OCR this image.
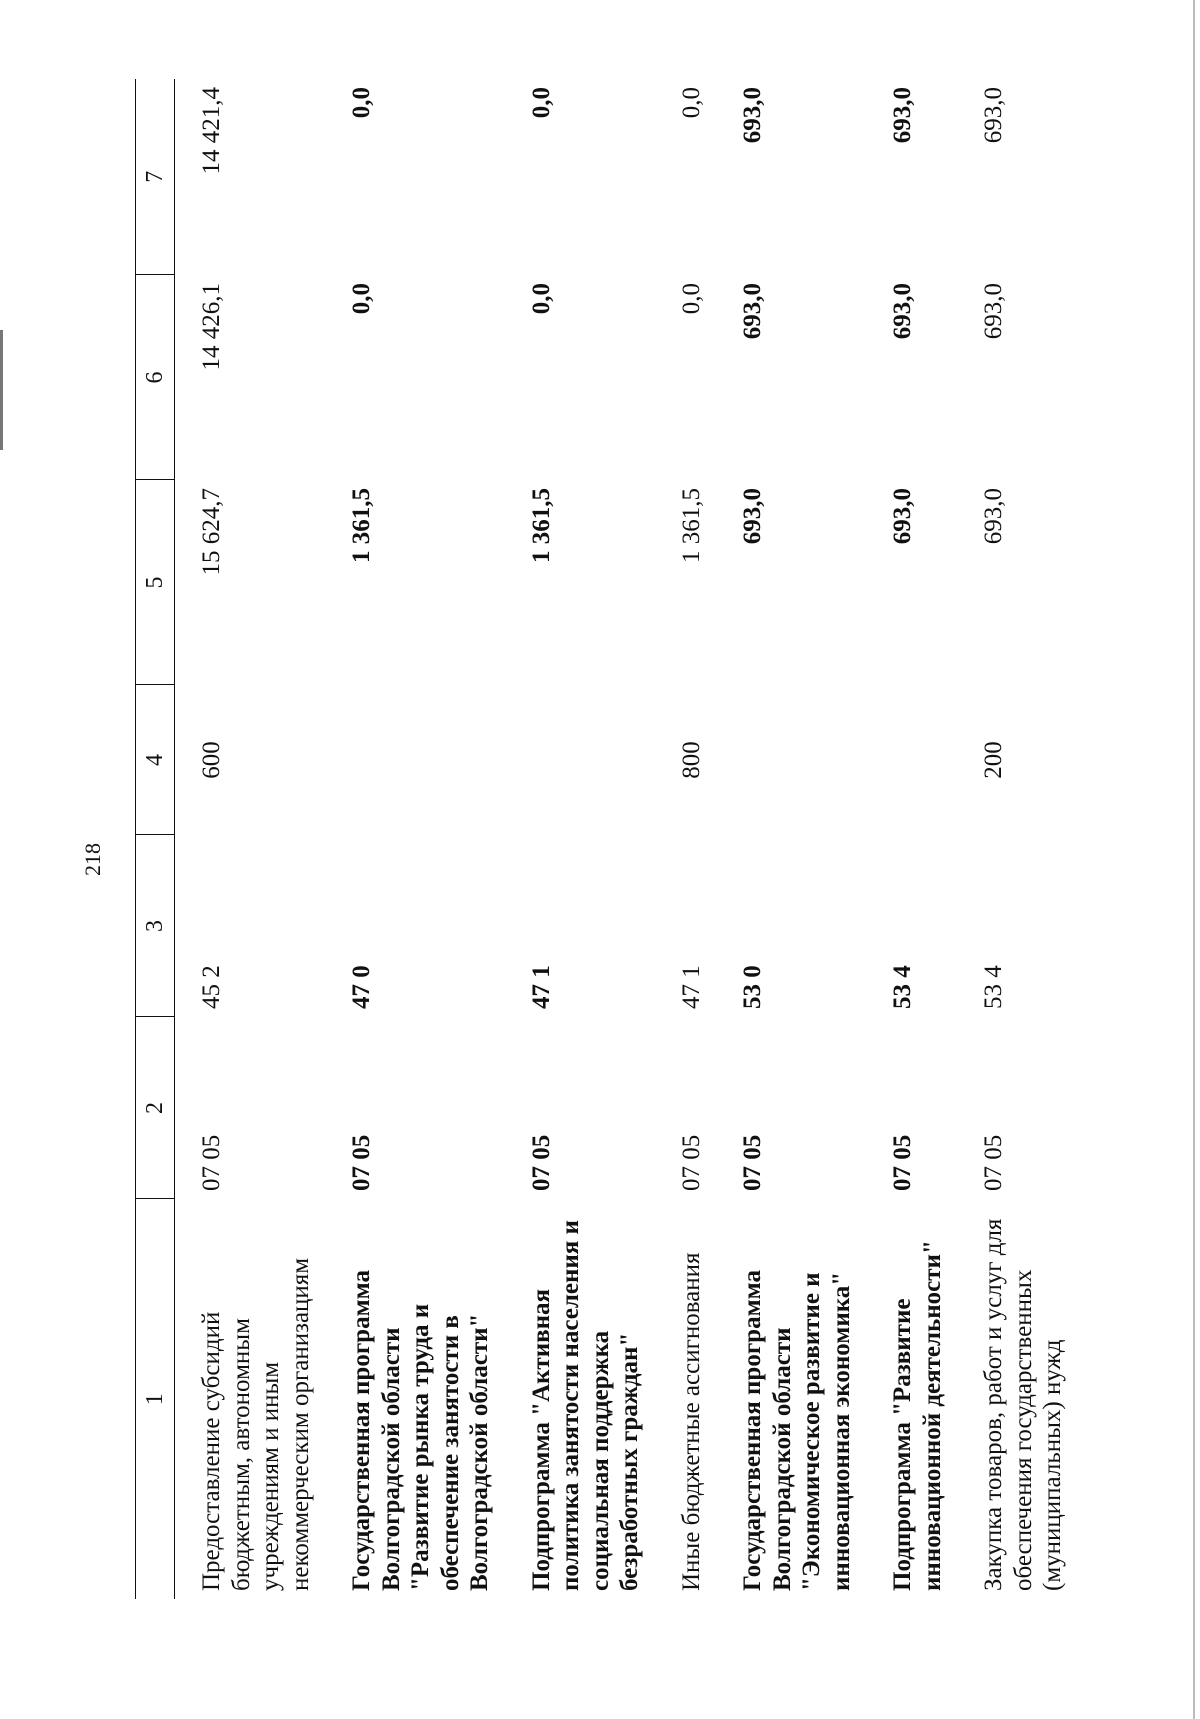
218
1	2	3	4	5	6	7
Предоставление субсидий бюджетным, автономным учреждениям и иным некоммерческим организациям	07 05	45 2	600	15 624,7	14 426,1	14 421,4
Государственная программа Волгоградской области "Развитие рынка труда и обеспечение занятости в Волгоградской области"	07 05	47 0		1 361,5	0,0	0,0
Подпрограмма "Активная политика занятости населения и социальная поддержка безработных граждан"	07 05	47 1		1 361,5	0,0	0,0
Иные бюджетные ассигнования	07 05	47 1	800	1 361,5	0,0	0,0
Государственная программа Волгоградской области "Экономическое развитие и инновационная экономика"	07 05	53 0		693,0	693,0	693,0
Подпрограмма "Развитие инновационной деятельности"	07 05	53 4		693,0	693,0	693,0
Закупка товаров, работ и услуг для обеспечения государственных (муниципальных) нужд	07 05	53 4	200	693,0	693,0	693,0
